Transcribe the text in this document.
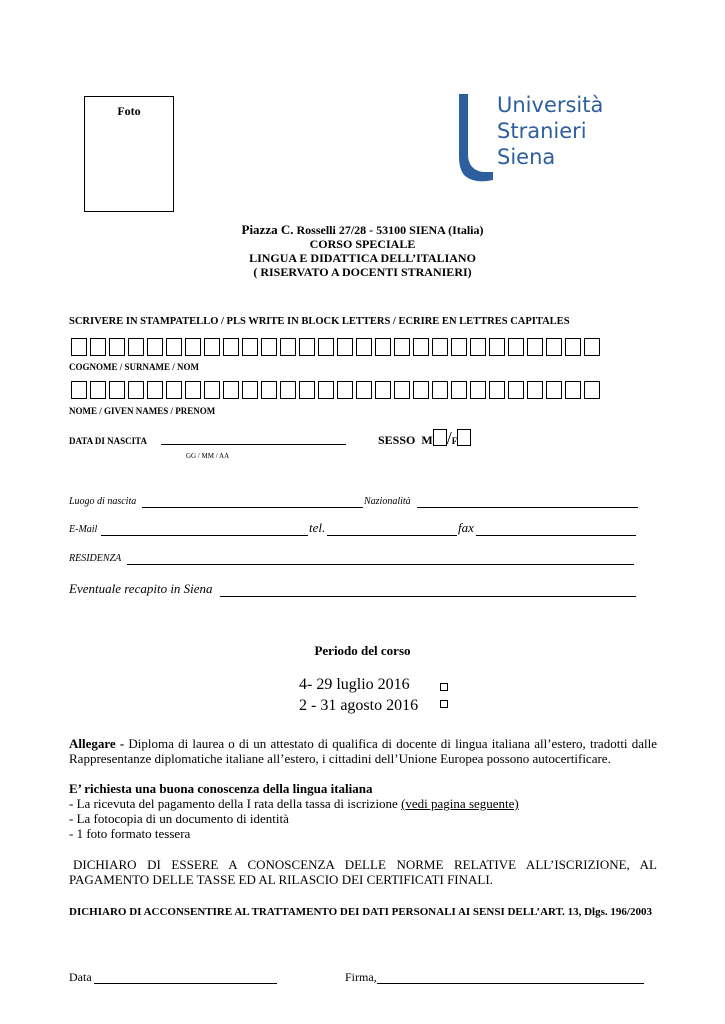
Foto	Università
Stranieri
Siena
Piazza C. Rosselli 27/28 - 53100 SIENA (Italia)
CORSO SPECIALE
LINGUA E DIDATTICA DELL’ITALIANO
( RISERVATO A DOCENTI STRANIERI)
SCRIVERE IN STAMPATELLO / PLS WRITE IN BLOCK LETTERS / ECRIRE EN LETTRES CAPITALES
COGNOME / SURNAME / NOM
NOME / GIVEN NAMES / PRENOM
DATA DI NASCITA
GG / MM / AA
SESSO M /F
Luogo di nascita	Nazionalità
E-Mail	tel.	fax
RESIDENZA
Eventuale recapito in Siena
Periodo del corso
4- 29 luglio 2016
2 - 31 agosto 2016
Allegare - Diploma di laurea o di un attestato di qualifica di docente di lingua italiana all’estero, tradotti dalle Rappresentanze diplomatiche italiane all’estero, i cittadini dell’Unione Europea possono autocertificare.
E’ richiesta una buona conoscenza della lingua italiana
- La ricevuta del pagamento della I rata della tassa di iscrizione (vedi pagina seguente)
- La fotocopia di un documento di identità
- 1 foto formato tessera
DICHIARO DI ESSERE A CONOSCENZA DELLE NORME RELATIVE ALL’ISCRIZIONE, AL PAGAMENTO DELLE TASSE ED AL RILASCIO DEI CERTIFICATI FINALI.
DICHIARO DI ACCONSENTIRE AL TRATTAMENTO DEI DATI PERSONALI AI SENSI DELL’ART. 13, Dlgs. 196/2003
Data	Firma,
